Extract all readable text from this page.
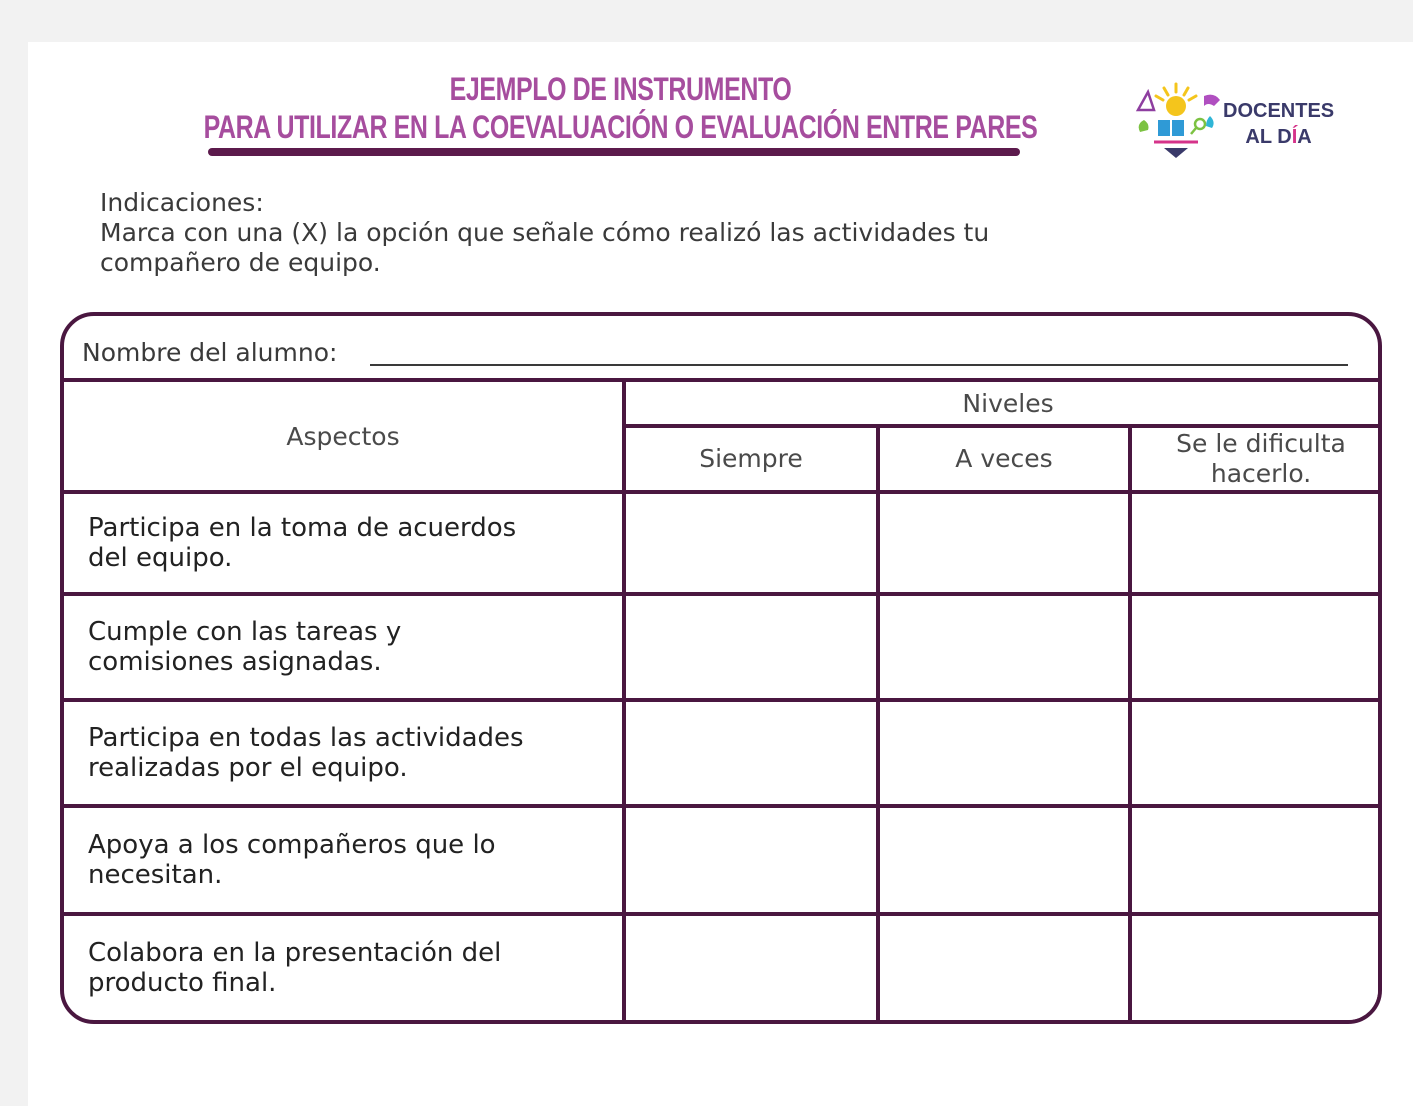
EJEMPLO DE INSTRUMENTO
PARA UTILIZAR EN LA COEVALUACIÓN O EVALUACIÓN ENTRE PARES	DOCENTES
AL DÍA
Indicaciones:
Marca con una (X) la opción que señale cómo realizó las actividades tu
compañero de equipo.
Nombre del alumno:
Aspectos	Niveles		
	Siempre	A veces	Se le dificulta
hacerlo.

Participa en la toma de acuerdos
del equipo.			

Cumple con las tareas y
comisiones asignadas.			

Participa en todas las actividades
realizadas por el equipo.			

Apoya a los compañeros que lo
necesitan.			

Colabora en la presentación del
producto final.			
